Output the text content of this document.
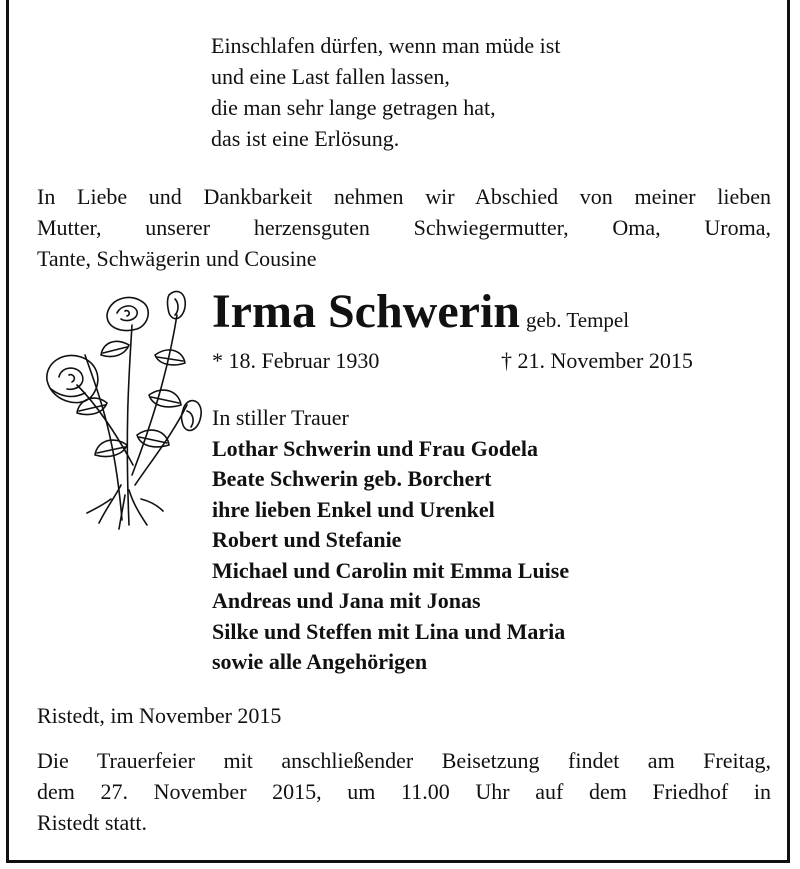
Einschlafen dürfen, wenn man müde ist
und eine Last fallen lassen,
die man sehr lange getragen hat,
das ist eine Erlösung.
In Liebe und Dankbarkeit nehmen wir Abschied von meiner lieben
Mutter, unserer herzensguten Schwiegermutter, Oma, Uroma,
Tante, Schwägerin und Cousine
Irma Schwerin geb. Tempel
* 18. Februar 1930	† 21. November 2015
In stiller Trauer
Lothar Schwerin und Frau Godela
Beate Schwerin geb. Borchert
ihre lieben Enkel und Urenkel
Robert und Stefanie
Michael und Carolin mit Emma Luise
Andreas und Jana mit Jonas
Silke und Steffen mit Lina und Maria
sowie alle Angehörigen
Ristedt, im November 2015
Die Trauerfeier mit anschließender Beisetzung findet am Freitag,
dem 27. November 2015, um 11.00 Uhr auf dem Friedhof in
Ristedt statt.
